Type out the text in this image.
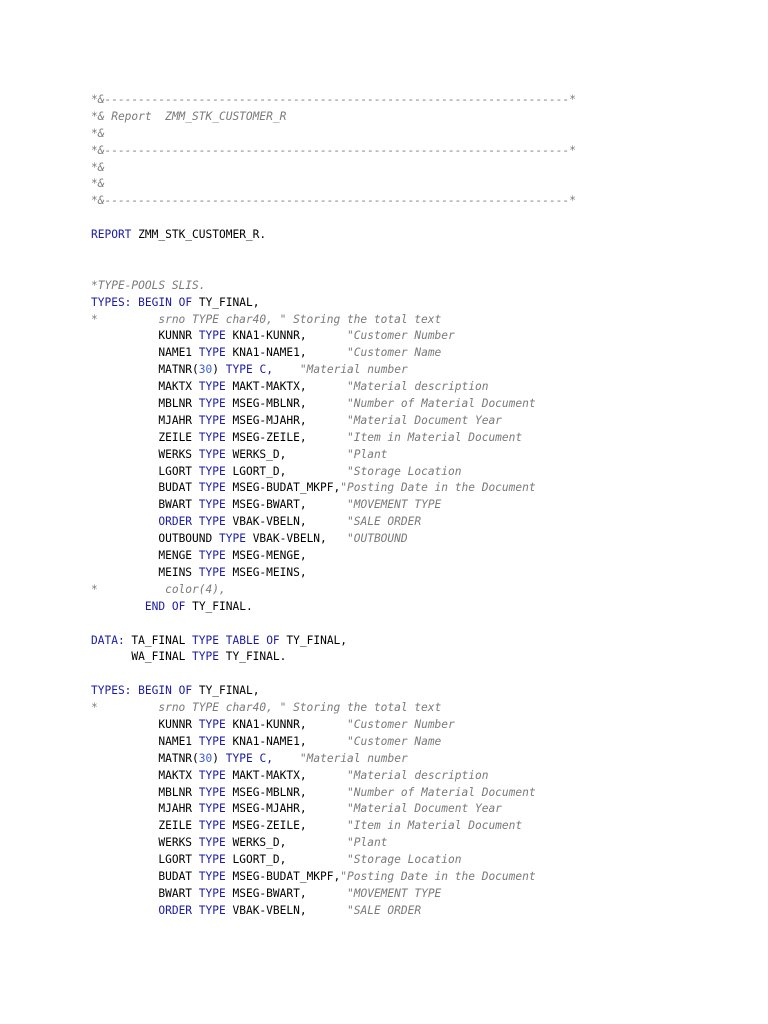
*&---------------------------------------------------------------------*
*& Report  ZMM_STK_CUSTOMER_R
*&
*&---------------------------------------------------------------------*
*&
*&
*&---------------------------------------------------------------------*
REPORT ZMM_STK_CUSTOMER_R.
*TYPE-POOLS SLIS.
TYPES: BEGIN OF TY_FINAL,
*         srno TYPE char40, " Storing the total text
KUNNR TYPE KNA1-KUNNR,	"Customer Number
NAME1 TYPE KNA1-NAME1,	"Customer Name
MATNR(30) TYPE C, "Material number
MAKTX TYPE MAKT-MAKTX,	"Material description
MBLNR TYPE MSEG-MBLNR,	"Number of Material Document
MJAHR TYPE MSEG-MJAHR,	"Material Document Year
ZEILE TYPE MSEG-ZEILE,	"Item in Material Document
WERKS TYPE WERKS_D,	"Plant
LGORT TYPE LGORT_D,	"Storage Location
BUDAT TYPE MSEG-BUDAT_MKPF,"Posting Date in the Document
BWART TYPE MSEG-BWART,	"MOVEMENT TYPE
ORDER TYPE VBAK-VBELN,	"SALE ORDER
OUTBOUND TYPE VBAK-VBELN, "OUTBOUND
MENGE TYPE MSEG-MENGE,
MEINS TYPE MSEG-MEINS,
*          color(4),
END OF TY_FINAL.
DATA: TA_FINAL TYPE TABLE OF TY_FINAL,
WA_FINAL TYPE TY_FINAL.
TYPES: BEGIN OF TY_FINAL,
*         srno TYPE char40, " Storing the total text
KUNNR TYPE KNA1-KUNNR,	"Customer Number
NAME1 TYPE KNA1-NAME1,	"Customer Name
MATNR(30) TYPE C, "Material number
MAKTX TYPE MAKT-MAKTX,	"Material description
MBLNR TYPE MSEG-MBLNR,	"Number of Material Document
MJAHR TYPE MSEG-MJAHR,	"Material Document Year
ZEILE TYPE MSEG-ZEILE,	"Item in Material Document
WERKS TYPE WERKS_D,	"Plant
LGORT TYPE LGORT_D,	"Storage Location
BUDAT TYPE MSEG-BUDAT_MKPF,"Posting Date in the Document
BWART TYPE MSEG-BWART,	"MOVEMENT TYPE
ORDER TYPE VBAK-VBELN,	"SALE ORDER
